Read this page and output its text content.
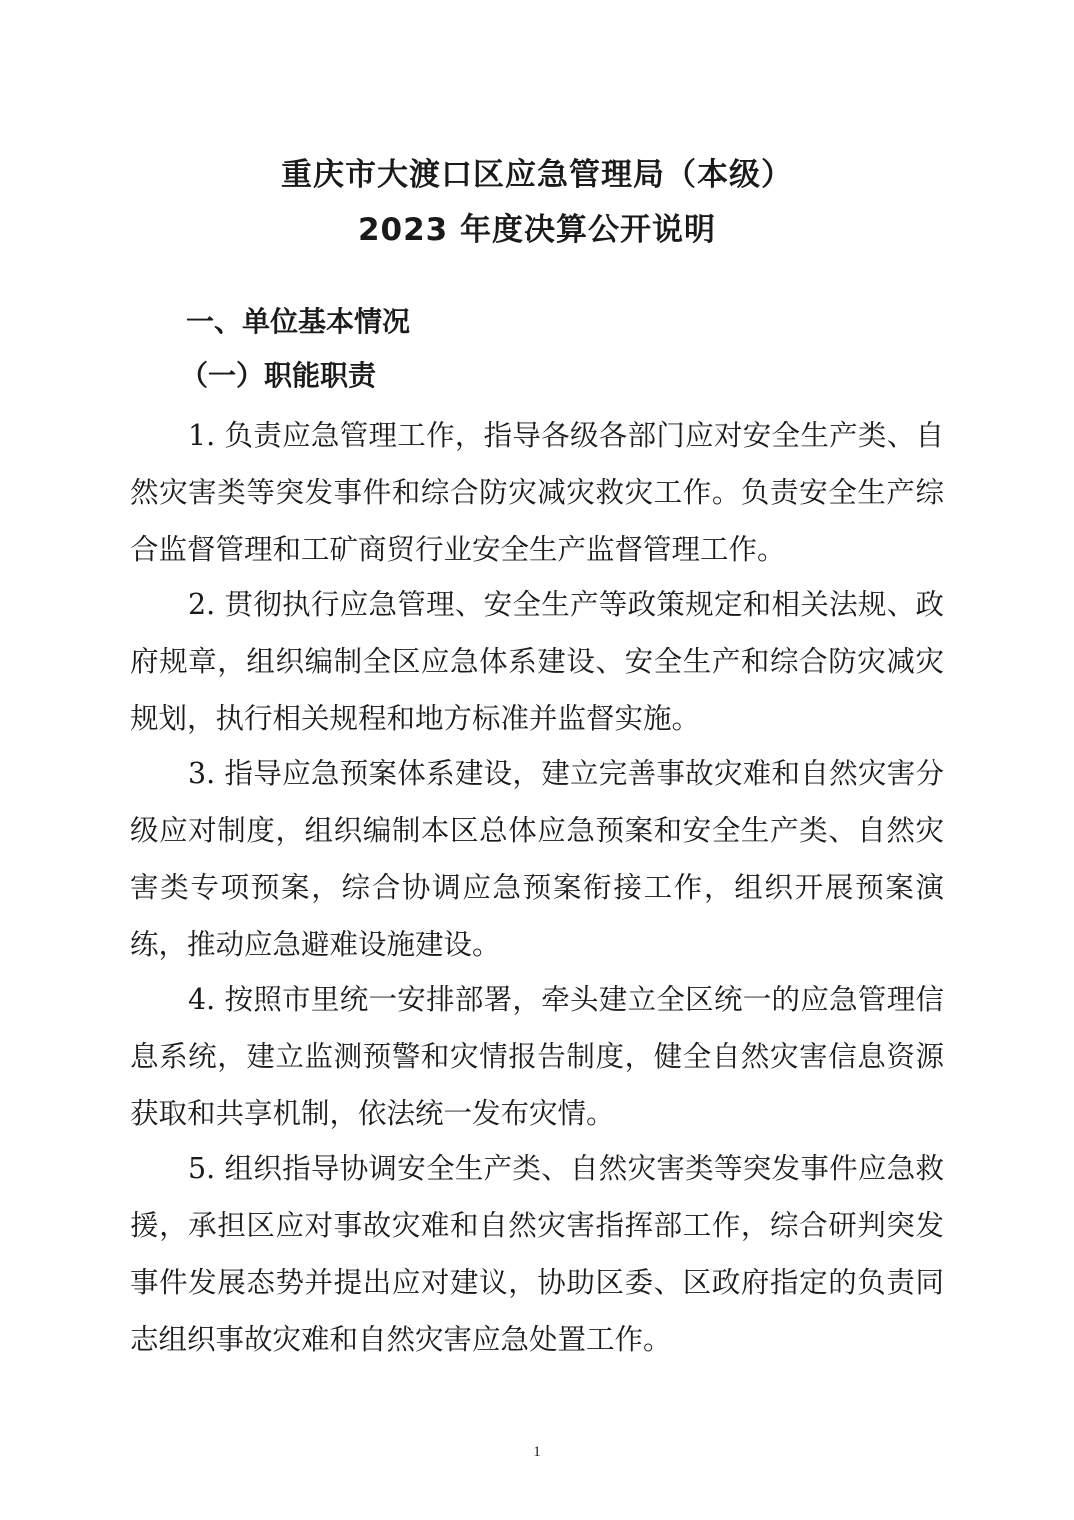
重庆市大渡口区应急管理局（本级）
2023 年度决算公开说明
一、单位基本情况
（一）职能职责

1. 负责应急管理工作，指导各级各部门应对安全生产类、自然灾害类等突发事件和综合防灾减灾救灾工作。负责安全生产综合监督管理和工矿商贸行业安全生产监督管理工作。

2. 贯彻执行应急管理、安全生产等政策规定和相关法规、政府规章，组织编制全区应急体系建设、安全生产和综合防灾减灾规划，执行相关规程和地方标准并监督实施。

3. 指导应急预案体系建设，建立完善事故灾难和自然灾害分级应对制度，组织编制本区总体应急预案和安全生产类、自然灾害类专项预案，综合协调应急预案衔接工作，组织开展预案演练，推动应急避难设施建设。

4. 按照市里统一安排部署，牵头建立全区统一的应急管理信息系统，建立监测预警和灾情报告制度，健全自然灾害信息资源获取和共享机制，依法统一发布灾情。

5. 组织指导协调安全生产类、自然灾害类等突发事件应急救援，承担区应对事故灾难和自然灾害指挥部工作，综合研判突发事件发展态势并提出应对建议，协助区委、区政府指定的负责同志组织事故灾难和自然灾害应急处置工作。

1
